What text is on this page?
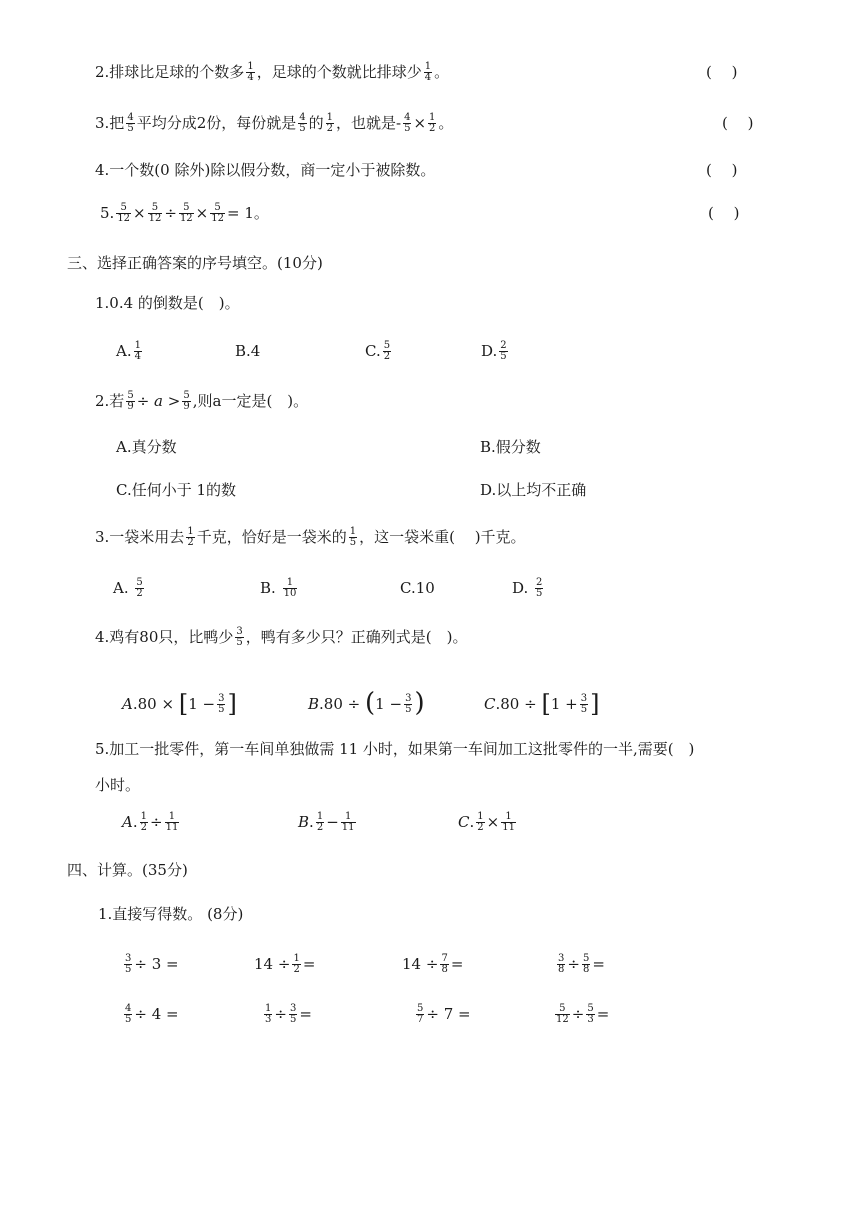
2.排球比足球的个数多 $\frac{1}{4}$ ，足球的个数就比排球少 $\frac{1}{4}$ 。	(　 )
3.把 $\frac{4}{5}$ 平均分成2份，每份就是 $\frac{4}{5}$ 的 $\frac{1}{2}$ ，也就是- $\frac{4}{5} \times \frac{1}{2}$ 。	(　 )
4.一个数(0 除外)除以假分数，商一定小于被除数。	(　 )
5. $\frac{5}{12} \times \frac{5}{12} \div \frac{5}{12} \times \frac{5}{12} = 1$。	(　 )
三、选择正确答案的序号填空。(10分)
1.0.4 的倒数是(　)。
A. $\frac{1}{4}$	B.4	C. $\frac{5}{2}$	D. $\frac{2}{5}$
2.若 $\frac{5}{9} \div a > \frac{5}{9}$ ,则a一定是(　)。
A.真分数	B.假分数
C.任何小于 1的数	D.以上均不正确
3.一袋米用去 $\frac{1}{2}$ 千克，恰好是一袋米的 $\frac{1}{5}$ ，这一袋米重(　 )千克。
A. $\frac{5}{2}$	B. $\frac{1}{10}$	C.10	D. $\frac{2}{5}$
4.鸡有80只，比鸭少 $\frac{3}{5}$ ，鸭有多少只？正确列式是(　)。
$A.80 \times [1 - \frac{3}{5}$ ]	$B.80 \div (1 - \frac{3}{5}$ )	$C.80 \div [1 + \frac{3}{5}$ ]
5.加工一批零件，第一车间单独做需 11 小时，如果第一车间加工这批零件的一半,需要(　)
小时。
A. $\frac{1}{2} \div \frac{1}{11}$	B. $\frac{1}{2} - \frac{1}{11}$	C. $\frac{1}{2} \times \frac{1}{11}$
四、计算。(35分)
1.直接写得数。 (8分)
$\frac{3}{5} \div 3$ =	$14 \div \frac{1}{2}$ =	$14 \div \frac{7}{8}$ =	$\frac{3}{8} \div \frac{5}{8}$ =
$\frac{4}{5} \div 4$ =	$\frac{1}{3} \div \frac{3}{5}$ =	$\frac{5}{7} \div 7$ =	$\frac{5}{12} \div \frac{5}{3}$ =
